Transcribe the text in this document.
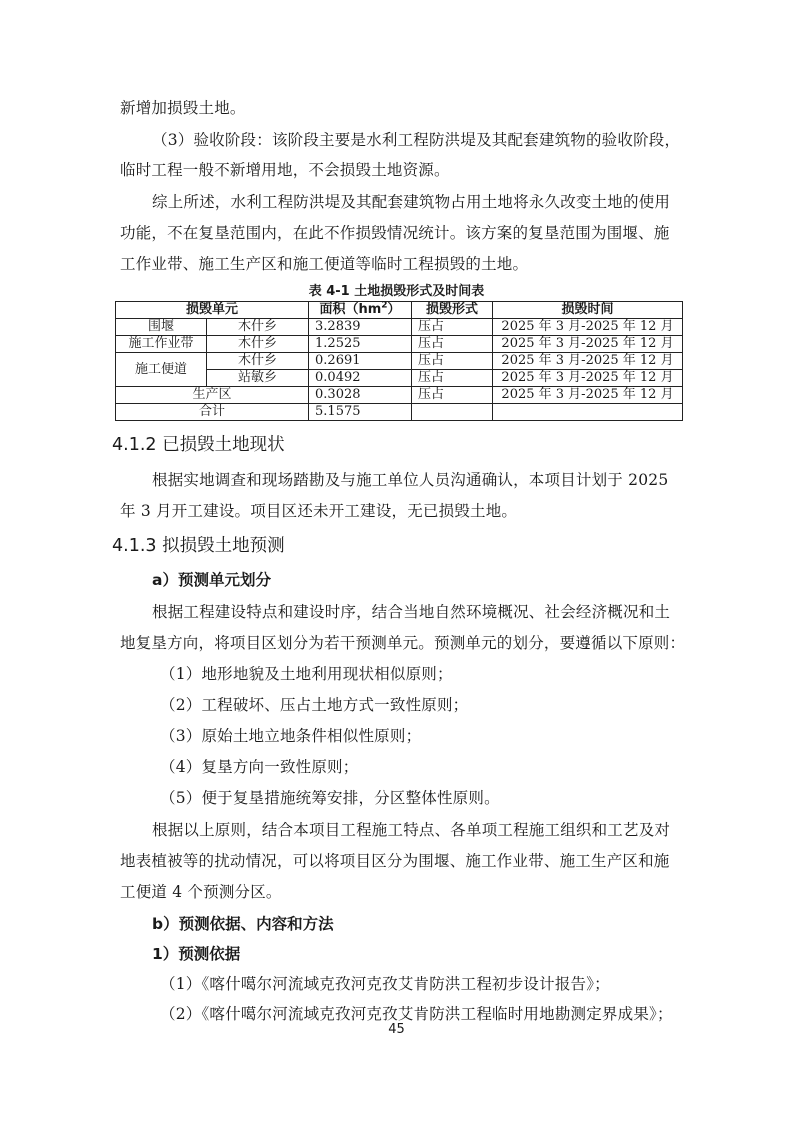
新增加损毁土地。
（3）验收阶段：该阶段主要是水利工程防洪堤及其配套建筑物的验收阶段，
临时工程一般不新增用地，不会损毁土地资源。
综上所述，水利工程防洪堤及其配套建筑物占用土地将永久改变土地的使用
功能，不在复垦范围内，在此不作损毁情况统计。该方案的复垦范围为围堰、施
工作业带、施工生产区和施工便道等临时工程损毁的土地。
表 4-1 土地损毁形式及时间表
损毁单元		面积$(hm^2)$	损毁形式	损毁时间
围堰	木什乡	3.2839	压占	2025 年 3 月-2025 年 12 月
施工作业带	木什乡	1.2525	压占	2025 年 3 月-2025 年 12 月
施工便道	木什乡	0.2691	压占	2025 年 3 月-2025 年 12 月
	站敏乡	0.0492	压占	2025 年 3 月-2025 年 12 月
生产区		0.3028	压占	2025 年 3 月-2025 年 12 月
合计		5.1575		
4.1.2 已损毁土地现状
根据实地调查和现场踏勘及与施工单位人员沟通确认，本项目计划于 2025
年 3 月开工建设。项目区还未开工建设，无已损毁土地。
4.1.3 拟损毁土地预测
a）预测单元划分
根据工程建设特点和建设时序，结合当地自然环境概况、社会经济概况和土
地复垦方向，将项目区划分为若干预测单元。预测单元的划分，要遵循以下原则：
（1）地形地貌及土地利用现状相似原则；
（2）工程破坏、压占土地方式一致性原则；
（3）原始土地立地条件相似性原则；
（4）复垦方向一致性原则；
（5）便于复垦措施统筹安排，分区整体性原则。
根据以上原则，结合本项目工程施工特点、各单项工程施工组织和工艺及对
地表植被等的扰动情况，可以将项目区分为围堰、施工作业带、施工生产区和施
工便道 4 个预测分区。
b）预测依据、内容和方法
1）预测依据
（1）《喀什噶尔河流域克孜河克孜艾肯防洪工程初步设计报告》；
（2）《喀什噶尔河流域克孜河克孜艾肯防洪工程临时用地勘测定界成果》；
45
